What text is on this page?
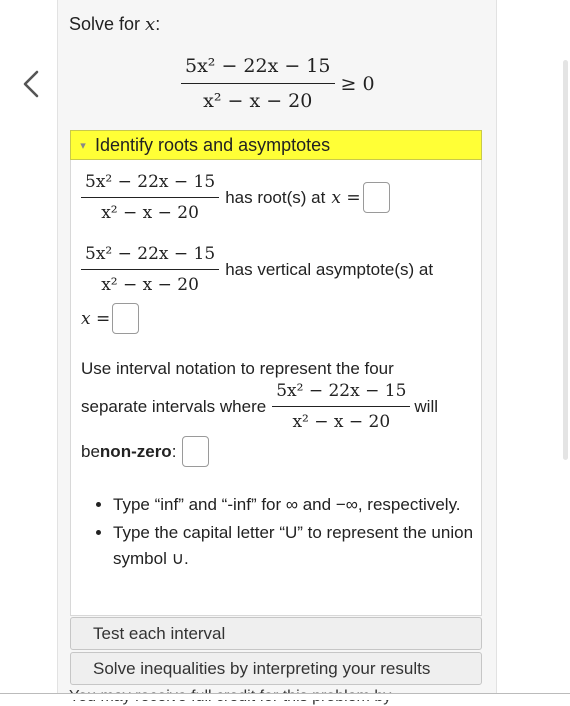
Solve for x:
$\frac{\text{5x² − 22x − 15}}{\text{x² − x − 20}} \ge 0$
▾ Identify roots and asymptotes
$\frac{\text{5x² − 22x − 15}}{\text{x² − x − 20}}$ has root(s) at x =
$\frac{\text{5x² − 22x − 15}}{\text{x² − x − 20}}$ has vertical asymptote(s) at
x =
Use interval notation to represent the four
separate intervals where $\frac{\text{5x² − 22x − 15}}{\text{x² − x − 20}}$ will
be non-zero :
• Type “inf” and “-inf” for ∞ and −∞, respectively.
• Type the capital letter “U” to represent the union symbol ∪.
Test each interval
Solve inequalities by interpreting your results
